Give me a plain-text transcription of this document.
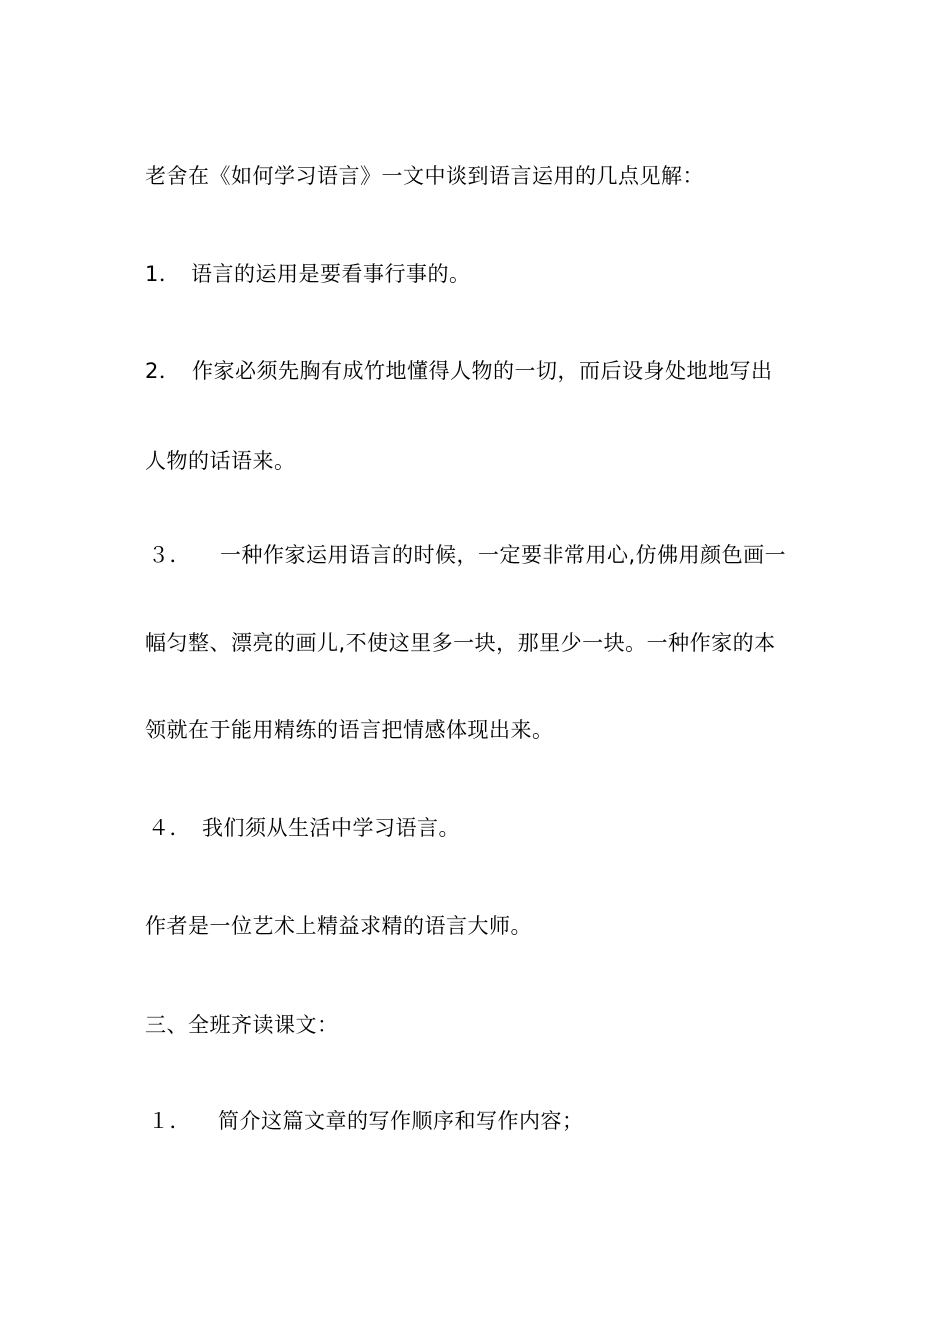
老舍在《如何学习语言》一文中谈到语言运用的几点见解：
1． 语言的运用是要看事行事的。
2． 作家必须先胸有成竹地懂得人物的一切，而后设身处地地写出
人物的话语来。
３． 一种作家运用语言的时候，一定要非常用心,仿佛用颜色画一
幅匀整、漂亮的画儿,不使这里多一块，那里少一块。一种作家的本
领就在于能用精练的语言把情感体现出来。
４． 我们须从生活中学习语言。
作者是一位艺术上精益求精的语言大师。
三、全班齐读课文：
１． 简介这篇文章的写作顺序和写作内容；
